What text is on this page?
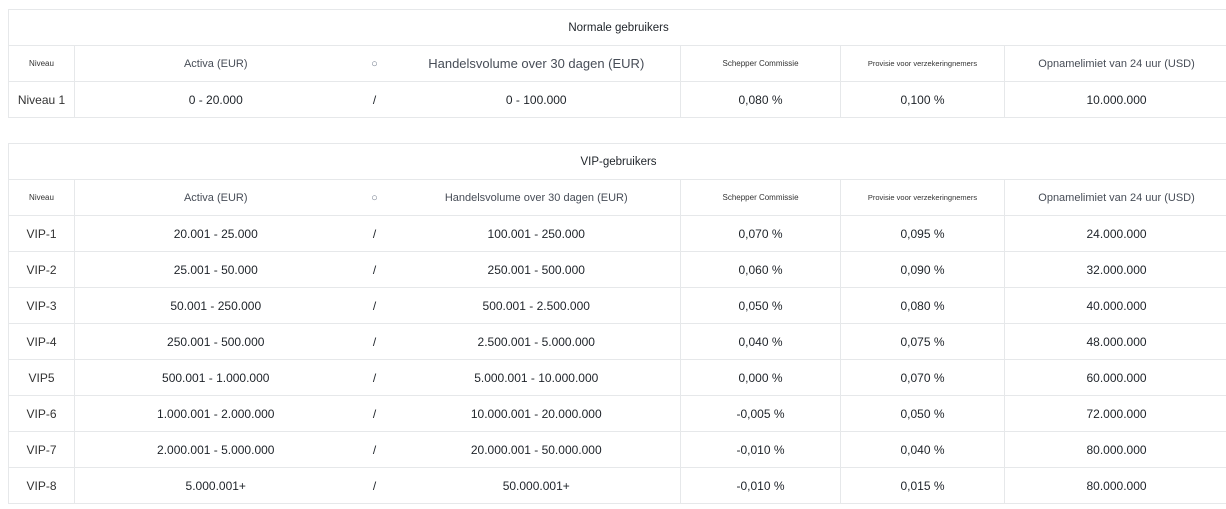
Normale gebruikers						
Niveau	Activa (EUR)	○	Handelsvolume over 30 dagen (EUR)	Schepper Commissie	Provisie voor verzekeringnemers	Opnamelimiet van 24 uur (USD)
Niveau 1	0 - 20.000	/	0 - 100.000	0,080 %	0,100 %	10.000.000
VIP-gebruikers						
Niveau	Activa (EUR)	○	Handelsvolume over 30 dagen (EUR)	Schepper Commissie	Provisie voor verzekeringnemers	Opnamelimiet van 24 uur (USD)
VIP-1	20.001 - 25.000	/	100.001 - 250.000	0,070 %	0,095 %	24.000.000
VIP-2	25.001 - 50.000	/	250.001 - 500.000	0,060 %	0,090 %	32.000.000
VIP-3	50.001 - 250.000	/	500.001 - 2.500.000	0,050 %	0,080 %	40.000.000
VIP-4	250.001 - 500.000	/	2.500.001 - 5.000.000	0,040 %	0,075 %	48.000.000
VIP5	500.001 - 1.000.000	/	5.000.001 - 10.000.000	0,000 %	0,070 %	60.000.000
VIP-6	1.000.001 - 2.000.000	/	10.000.001 - 20.000.000	-0,005 %	0,050 %	72.000.000
VIP-7	2.000.001 - 5.000.000	/	20.000.001 - 50.000.000	-0,010 %	0,040 %	80.000.000
VIP-8	5.000.001+	/	50.000.001+	-0,010 %	0,015 %	80.000.000
